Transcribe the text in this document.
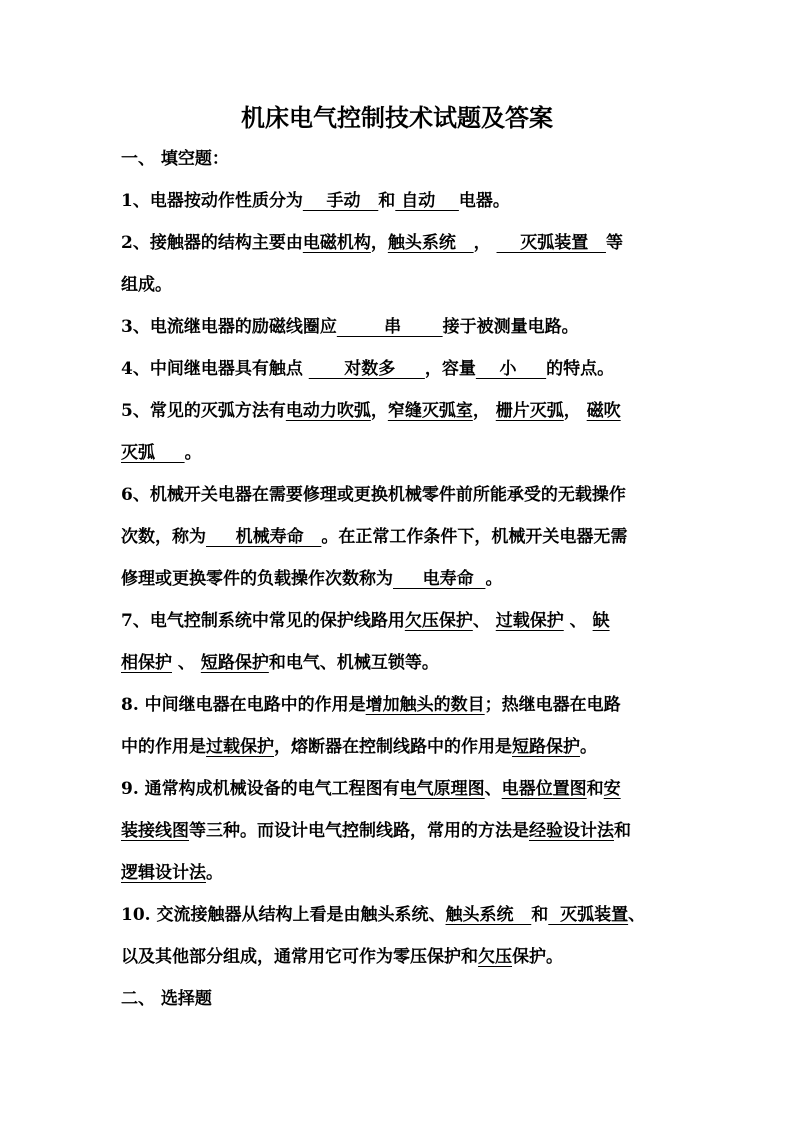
机床电气控制技术试题及答案
一、 填空题：
1、电器按动作性质分为    手动   和 自动    电器。
2、接触器的结构主要由电磁机构，触头系统   ，     灭弧装置   等
组成。
3、电流继电器的励磁线圈应        串       接于被测量电路。
4、中间继电器具有触点       对数多     ，容量    小     的特点。
5、常见的灭弧方法有电动力吹弧，窄缝灭弧室， 栅片灭弧， 磁吹
灭弧     。
6、机械开关电器在需要修理或更换机械零件前所能承受的无载操作
次数，称为     机械寿命   。在正常工作条件下，机械开关电器无需
修理或更换零件的负载操作次数称为     电寿命  。
7、电气控制系统中常见的保护线路用欠压保护、 过载保护 、 缺
相保护 、 短路保护和电气、机械互锁等。
8. 中间继电器在电路中的作用是增加触头的数目；热继电器在电路
中的作用是过载保护，熔断器在控制线路中的作用是短路保护。
9. 通常构成机械设备的电气工程图有电气原理图、电器位置图和安
装接线图等三种。而设计电气控制线路，常用的方法是经验设计法和
逻辑设计法。
10. 交流接触器从结构上看是由触头系统、触头系统   和  灭弧装置、
以及其他部分组成，通常用它可作为零压保护和欠压保护。
二、 选择题
